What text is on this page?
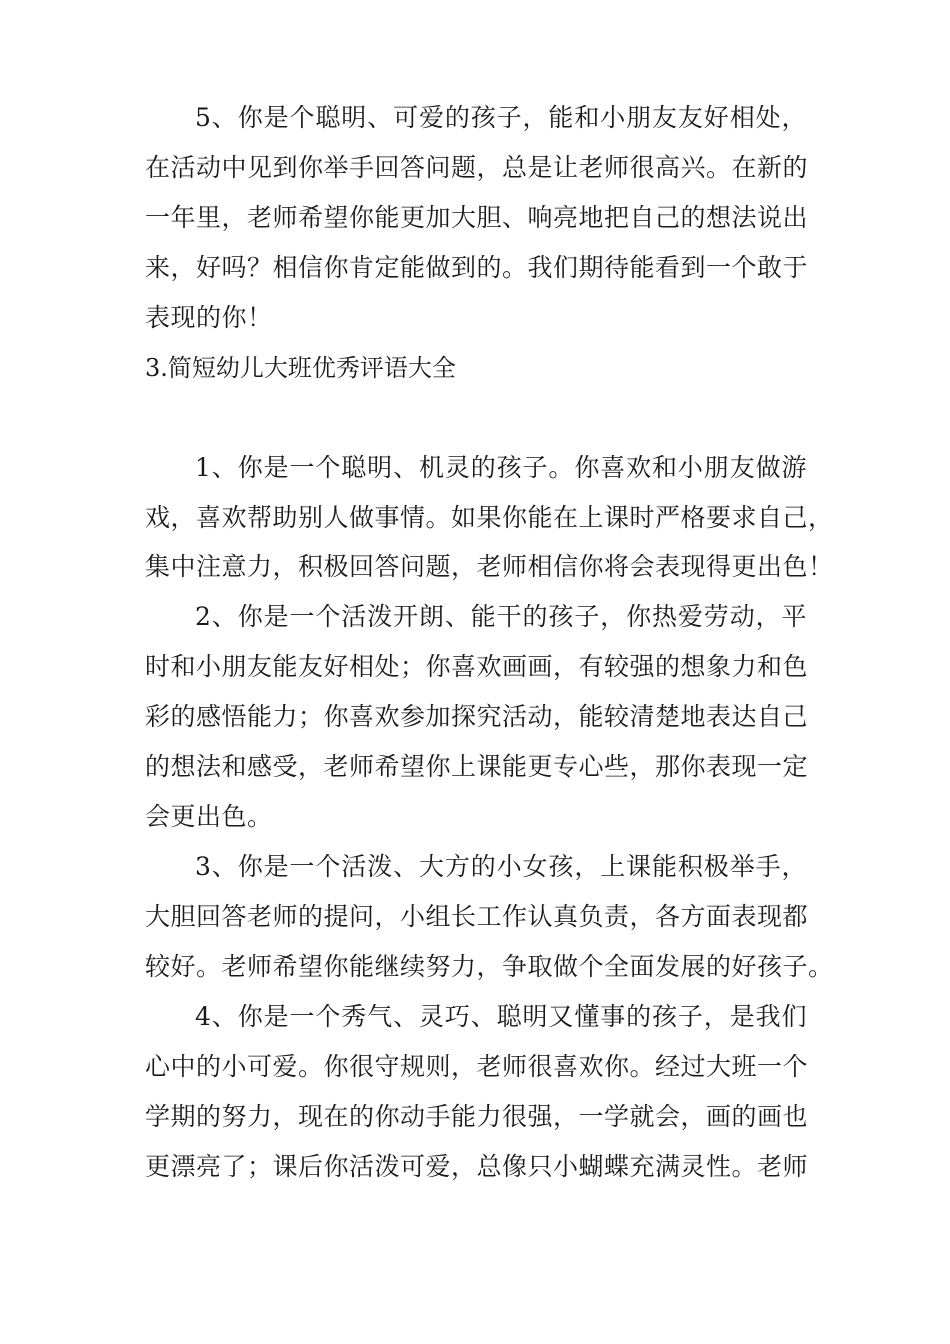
5、你是个聪明、可爱的孩子，能和小朋友友好相处，
在活动中见到你举手回答问题，总是让老师很高兴。在新的
一年里，老师希望你能更加大胆、响亮地把自己的想法说出
来，好吗？相信你肯定能做到的。我们期待能看到一个敢于
表现的你！
3.简短幼儿大班优秀评语大全
1、你是一个聪明、机灵的孩子。你喜欢和小朋友做游
戏，喜欢帮助别人做事情。如果你能在上课时严格要求自己，
集中注意力，积极回答问题，老师相信你将会表现得更出色！
2、你是一个活泼开朗、能干的孩子，你热爱劳动，平
时和小朋友能友好相处；你喜欢画画，有较强的想象力和色
彩的感悟能力；你喜欢参加探究活动，能较清楚地表达自己
的想法和感受，老师希望你上课能更专心些，那你表现一定
会更出色。
3、你是一个活泼、大方的小女孩，上课能积极举手，
大胆回答老师的提问，小组长工作认真负责，各方面表现都
较好。老师希望你能继续努力，争取做个全面发展的好孩子。
4、你是一个秀气、灵巧、聪明又懂事的孩子，是我们
心中的小可爱。你很守规则，老师很喜欢你。经过大班一个
学期的努力，现在的你动手能力很强，一学就会，画的画也
更漂亮了；课后你活泼可爱，总像只小蝴蝶充满灵性。老师
